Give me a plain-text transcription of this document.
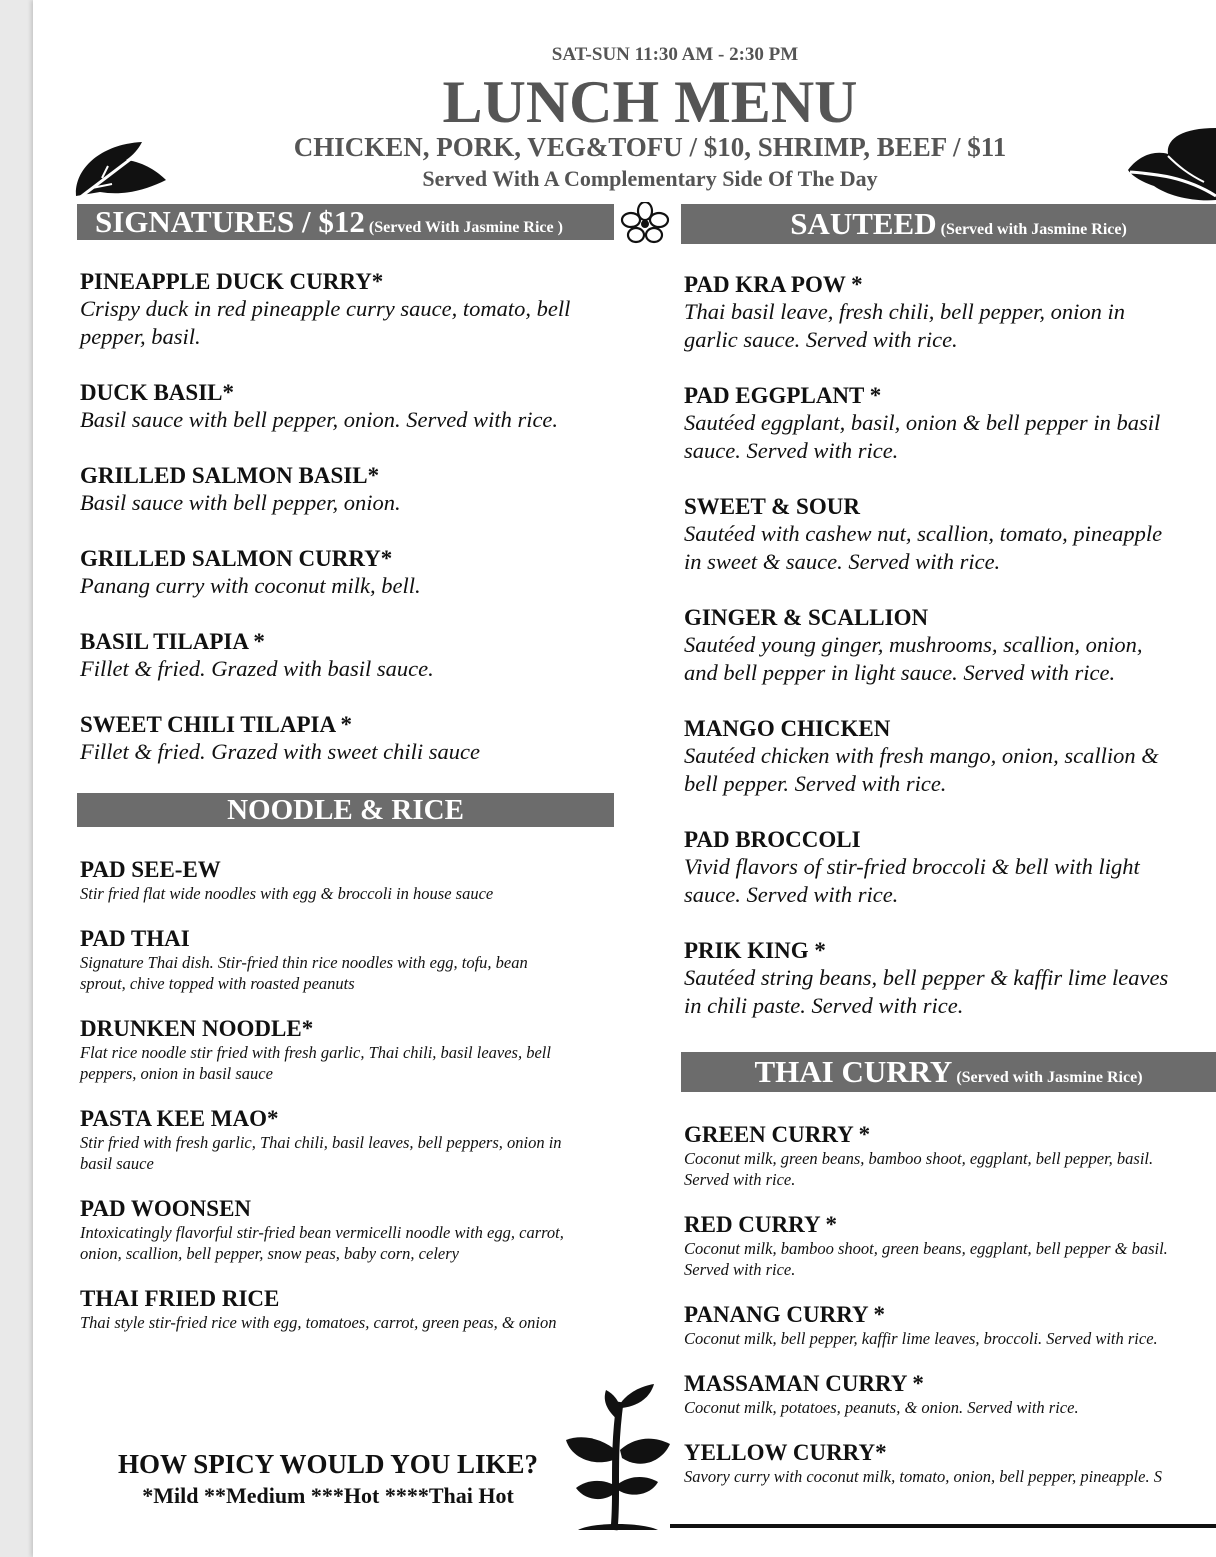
SAT-SUN 11:30 AM - 2:30 PM
LUNCH MENU
CHICKEN, PORK, VEG&TOFU / $10, SHRIMP, BEEF / $11
Served With A Complementary Side Of The Day
SIGNATURES / $12 (Served With Jasmine Rice )	SAUTEED (Served with Jasmine Rice)
NOODLE & RICE
THAI CURRY (Served with Jasmine Rice)
PINEAPPLE DUCK CURRY*
Crispy duck in red pineapple curry sauce, tomato, bell
pepper, basil.
DUCK BASIL*
Basil sauce with bell pepper, onion. Served with rice.
GRILLED SALMON BASIL*
Basil sauce with bell pepper, onion.
GRILLED SALMON CURRY*
Panang curry with coconut milk, bell.
BASIL TILAPIA *
Fillet & fried. Grazed with basil sauce.
SWEET CHILI TILAPIA *
Fillet & fried. Grazed with sweet chili sauce
PAD SEE-EW
Stir fried flat wide noodles with egg & broccoli in house sauce
PAD THAI
Signature Thai dish. Stir-fried thin rice noodles with egg, tofu, bean
sprout, chive topped with roasted peanuts
DRUNKEN NOODLE*
Flat rice noodle stir fried with fresh garlic, Thai chili, basil leaves, bell
peppers, onion in basil sauce
PASTA KEE MAO*
Stir fried with fresh garlic, Thai chili, basil leaves, bell peppers, onion in
basil sauce
PAD WOONSEN
Intoxicatingly flavorful stir-fried bean vermicelli noodle with egg, carrot,
onion, scallion, bell pepper, snow peas, baby corn, celery
THAI FRIED RICE
Thai style stir-fried rice with egg, tomatoes, carrot, green peas, & onion
PAD KRA POW *
Thai basil leave, fresh chili, bell pepper, onion in
garlic sauce. Served with rice.
PAD EGGPLANT *
Sautéed eggplant, basil, onion & bell pepper in basil
sauce. Served with rice.
SWEET & SOUR
Sautéed with cashew nut, scallion, tomato, pineapple
in sweet & sauce. Served with rice.
GINGER & SCALLION
Sautéed young ginger, mushrooms, scallion, onion,
and bell pepper in light sauce. Served with rice.
MANGO CHICKEN
Sautéed chicken with fresh mango, onion, scallion &
bell pepper. Served with rice.
PAD BROCCOLI
Vivid flavors of stir-fried broccoli & bell with light
sauce. Served with rice.
PRIK KING *
Sautéed string beans, bell pepper & kaffir lime leaves
in chili paste. Served with rice.
GREEN CURRY *
Coconut milk, green beans, bamboo shoot, eggplant, bell pepper, basil.
Served with rice.
RED CURRY *
Coconut milk, bamboo shoot, green beans, eggplant, bell pepper & basil.
Served with rice.
PANANG CURRY *
Coconut milk, bell pepper, kaffir lime leaves, broccoli. Served with rice.
MASSAMAN CURRY *
Coconut milk, potatoes, peanuts, & onion. Served with rice.
YELLOW CURRY*
Savory curry with coconut milk, tomato, onion, bell pepper, pineapple. S
HOW SPICY WOULD YOU LIKE?
*Mild **Medium ***Hot ****Thai Hot
